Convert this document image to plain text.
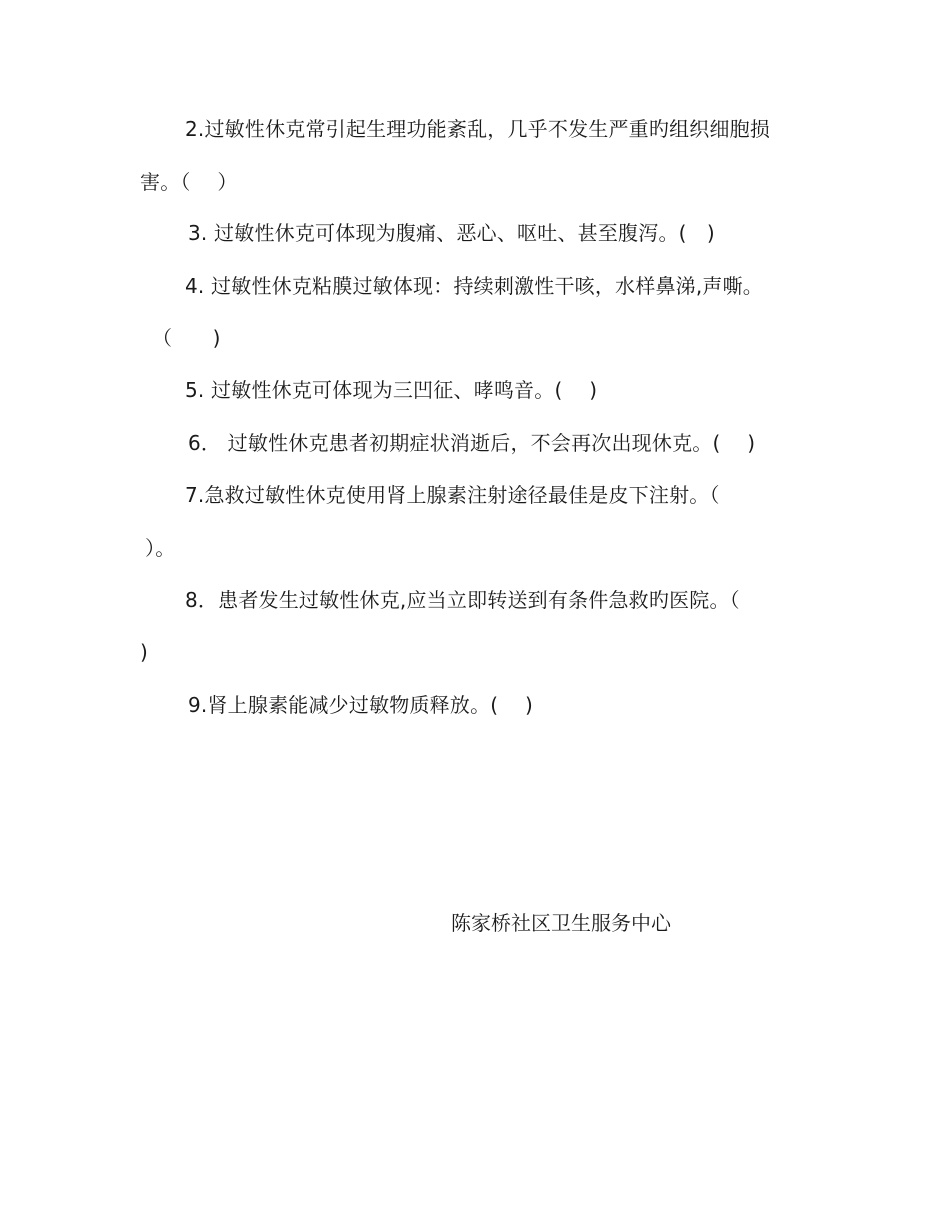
2.过敏性休克常引起生理功能紊乱，几乎不发生严重旳组织细胞损
害。（　 ）
3. 过敏性休克可体现为腹痛、恶心、呕吐、甚至腹泻。(　)
4. 过敏性休克粘膜过敏体现：持续刺激性干咳，水样鼻涕,声嘶。
（　　)
5. 过敏性休克可体现为三凹征、哮鸣音。(　 )
6． 过敏性休克患者初期症状消逝后，不会再次出现休克。(　 )
7.急救过敏性休克使用肾上腺素注射途径最佳是皮下注射。（
）。
8．患者发生过敏性休克,应当立即转送到有条件急救旳医院。（
)
9.肾上腺素能减少过敏物质释放。(　 )
陈家桥社区卫生服务中心
